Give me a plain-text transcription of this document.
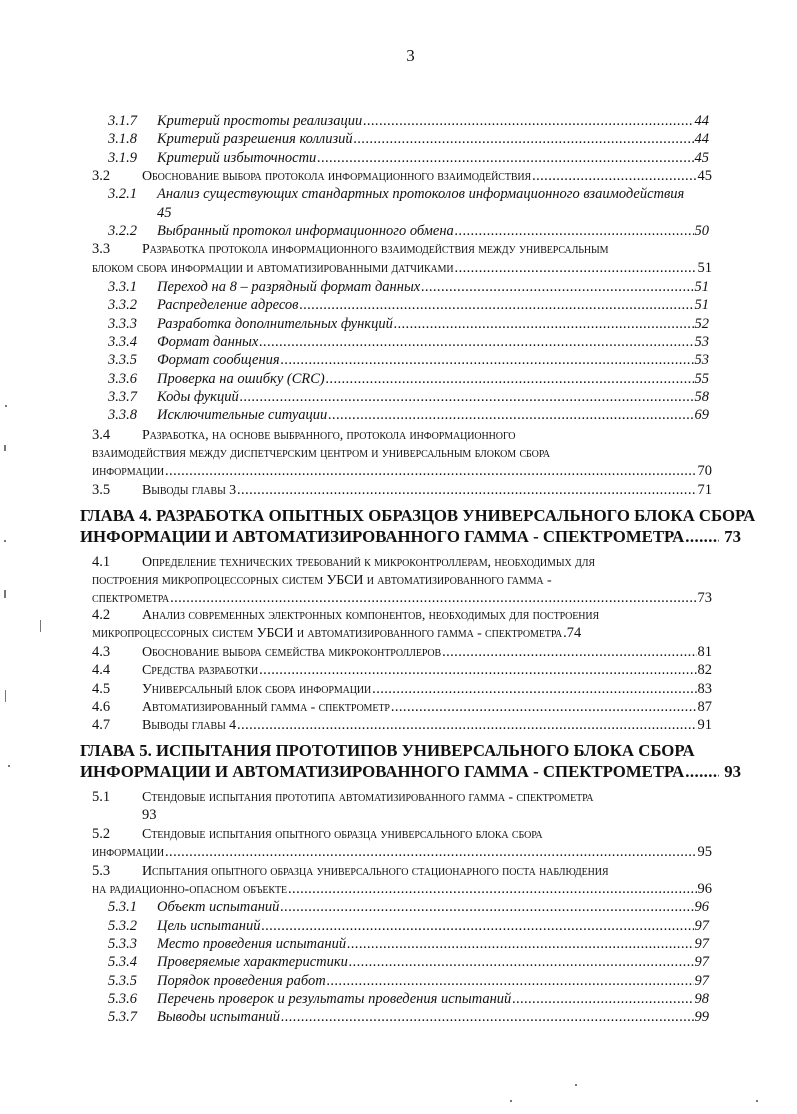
3
3.1.7 Критерий простоты реализации .....	44
3.1.8 Критерий разрешения коллизий .....	44
3.1.9 Критерий избыточности .....	45
3.2 Обоснование выбора протокола информационного взаимодействия .....	45
3.2.1 Анализ существующих стандартных протоколов информационного взаимодействия
45
3.2.2 Выбранный протокол информационного обмена .....	50
3.3 Разработка протокола информационного взаимодействия между универсальным
блоком сбора информации и автоматизированными датчиками .....	51
3.3.1 Переход на 8 – разрядный формат данных .....	51
3.3.2 Распределение адресов .....	51
3.3.3 Разработка дополнительных функций .....	52
3.3.4 Формат данных .....	53
3.3.5 Формат сообщения .....	53
3.3.6 Проверка на ошибку (CRC) .....	55
3.3.7 Коды фукций .....	58
3.3.8 Исключительные ситуации .....	69
3.4 Разработка, на основе выбранного, протокола информационного
взаимодействия между диспетчерским центром и универсальным блоком сбора
информации .....	70
3.5 Выводы главы 3 .....	71
ГЛАВА 4. РАЗРАБОТКА ОПЫТНЫХ ОБРАЗЦОВ УНИВЕРСАЛЬНОГО БЛОКА СБОРА
ИНФОРМАЦИИ И АВТОМАТИЗИРОВАННОГО ГАММА - СПЕКТРОМЕТРА ..... 73
4.1 Определение технических требований к микроконтроллерам, необходимых для
построения микропроцессорных систем УБСИ и автоматизированного гамма -
спектрометра .....	73
4.2 Анализ современных электронных компонентов, необходимых для построения
микропроцессорных систем УБСИ и автоматизированного гамма - спектрометра . 74
4.3 Обоснование выбора семейства микроконтроллеров .....	81
4.4 Средства разработки .....	82
4.5 Универсальный блок сбора информации .....	83
4.6 Автоматизированный гамма - спектрометр .....	87
4.7 Выводы главы 4 .....	91
ГЛАВА 5. ИСПЫТАНИЯ ПРОТОТИПОВ УНИВЕРСАЛЬНОГО БЛОКА СБОРА
ИНФОРМАЦИИ И АВТОМАТИЗИРОВАННОГО ГАММА - СПЕКТРОМЕТРА ..... 93
5.1 Стендовые испытания прототипа автоматизированного гамма - спектрометра
93
5.2 Стендовые испытания опытного образца универсального блока сбора
информации .....	95
5.3 Испытания опытного образца универсального стационарного поста наблюдения
на радиационно-опасном объекте .....	96
5.3.1 Объект испытаний .....	96
5.3.2 Цель испытаний .....	97
5.3.3 Место проведения испытаний .....	97
5.3.4 Проверяемые характеристики .....	97
5.3.5 Порядок проведения работ .....	97
5.3.6 Перечень проверок и результаты проведения испытаний .....	98
5.3.7 Выводы испытаний .....	99
